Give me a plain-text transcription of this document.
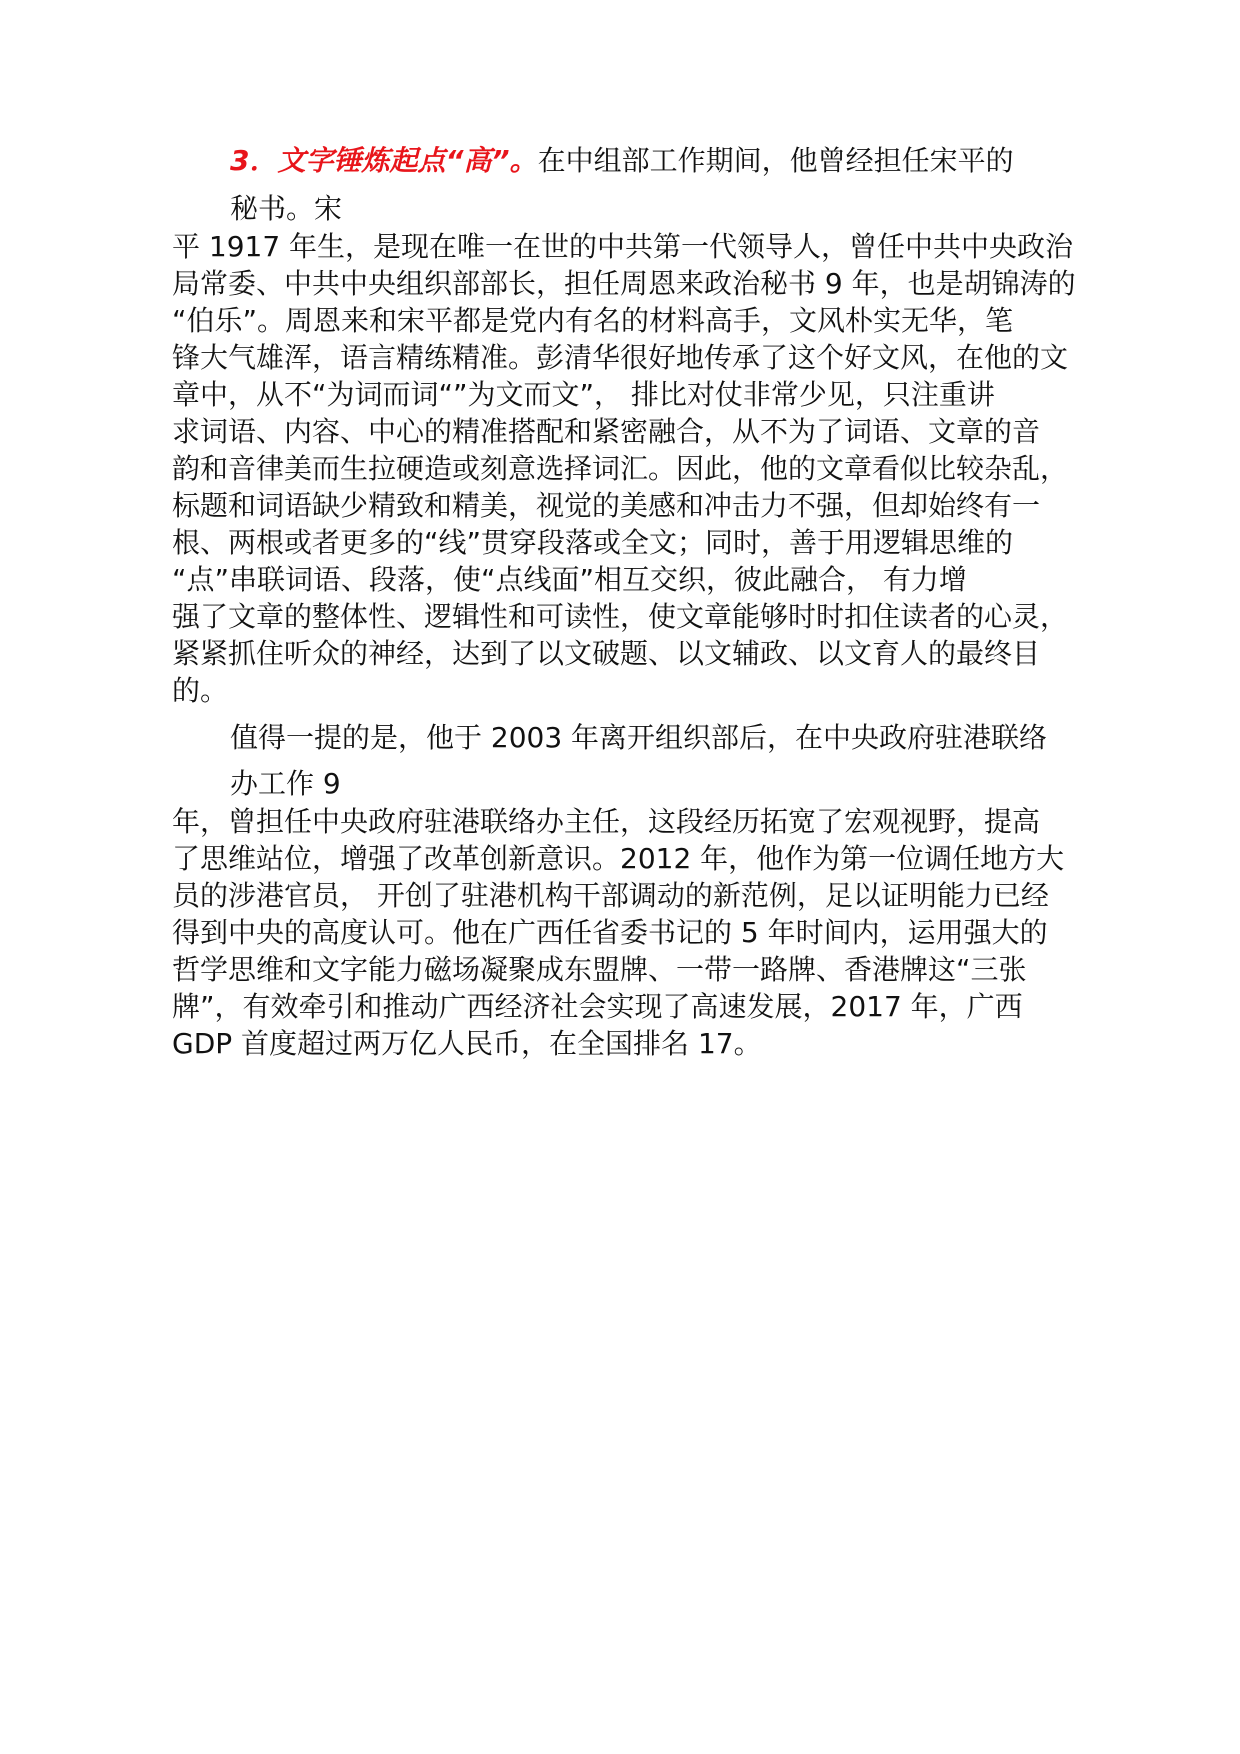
3．文字锤炼起点“高”。在中组部工作期间，他曾经担任宋平的
秘书。宋
平 1917 年生，是现在唯一在世的中共第一代领导人，曾任中共中央政治
局常委、中共中央组织部部长，担任周恩来政治秘书 9 年，也是胡锦涛的
“伯乐”。周恩来和宋平都是党内有名的材料高手，文风朴实无华，笔
锋大气雄浑，语言精练精准。彭清华很好地传承了这个好文风，在他的文
章中，从不“为词而词“”为文而文”， 排比对仗非常少见，只注重讲
求词语、内容、中心的精准搭配和紧密融合，从不为了词语、文章的音
韵和音律美而生拉硬造或刻意选择词汇。因此，他的文章看似比较杂乱，
标题和词语缺少精致和精美，视觉的美感和冲击力不强，但却始终有一
根、两根或者更多的“线”贯穿段落或全文；同时，善于用逻辑思维的
“点”串联词语、段落，使“点线面”相互交织，彼此融合， 有力增
强了文章的整体性、逻辑性和可读性，使文章能够时时扣住读者的心灵，
紧紧抓住听众的神经，达到了以文破题、以文辅政、以文育人的最终目
的。
值得一提的是，他于 2003 年离开组织部后，在中央政府驻港联络
办工作 9
年，曾担任中央政府驻港联络办主任，这段经历拓宽了宏观视野，提高
了思维站位，增强了改革创新意识。2012 年，他作为第一位调任地方大
员的涉港官员， 开创了驻港机构干部调动的新范例，足以证明能力已经
得到中央的高度认可。他在广西任省委书记的 5 年时间内，运用强大的
哲学思维和文字能力磁场凝聚成东盟牌、一带一路牌、香港牌这“三张
牌”，有效牵引和推动广西经济社会实现了高速发展，2017 年，广西
GDP 首度超过两万亿人民币，在全国排名 17。
